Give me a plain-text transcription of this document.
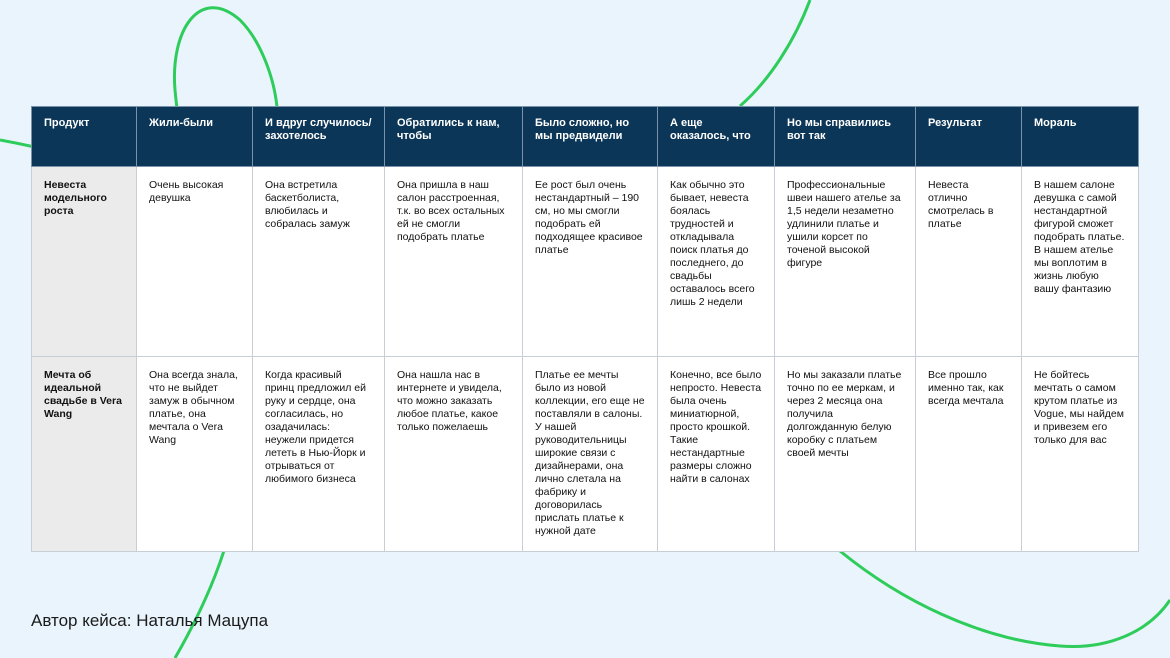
Продукт	Жили-были	И вдруг случилось/ захотелось	Обратились к нам, чтобы	Было сложно, но мы предвидели	А еще оказалось, что	Но мы справились вот так	Результат	Мораль
Невеста модельного роста	Очень высокая девушка	Она встретила баскетболиста, влюбилась и собралась замуж	Она пришла в наш салон расстроенная, т.к. во всех остальных ей не смогли подобрать платье	Ее рост был очень нестандартный – 190 см, но мы смогли подобрать ей подходящее красивое платье	Как обычно это бывает, невеста боялась трудностей и откладывала поиск платья до последнего, до свадьбы оставалось всего лишь 2 недели	Профессиональные швеи нашего ателье за 1,5 недели незаметно удлинили платье и ушили корсет по точеной высокой фигуре	Невеста отлично смотрелась в платье	В нашем салоне девушка с самой нестандартной фигурой сможет подобрать платье. В нашем ателье мы воплотим в жизнь любую вашу фантазию
Мечта об идеальной свадьбе в Vera Wang	Она всегда знала, что не выйдет замуж в обычном платье, она мечтала о Vera Wang	Когда красивый принц предложил ей руку и сердце, она согласилась, но озадачилась: неужели придется лететь в Нью-Йорк и отрываться от любимого бизнеса	Она нашла нас в интернете и увидела, что можно заказать любое платье, какое только пожелаешь	Платье ее мечты было из новой коллекции, его еще не поставляли в салоны. У нашей руководительницы широкие связи с дизайнерами, она лично слетала на фабрику и договорилась прислать платье к нужной дате	Конечно, все было непросто. Невеста была очень миниатюрной, просто крошкой. Такие нестандартные размеры сложно найти в салонах	Но мы заказали платье точно по ее меркам, и через 2 месяца она получила долгожданную белую коробку с платьем своей мечты	Все прошло именно так, как всегда мечтала	Не бойтесь мечтать о самом крутом платье из Vogue, мы найдем и привезем его только для вас
Автор кейса: Наталья Мацупа
